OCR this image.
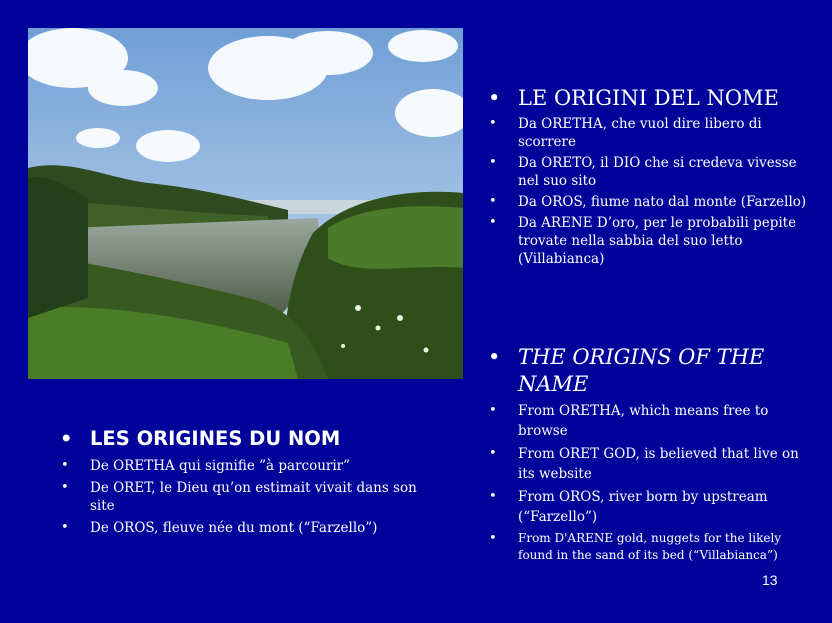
• LE ORIGINI DEL NOME
• Da ORETHA, che vuol dire libero di scorrere
• Da ORETO, il DIO che si credeva vivesse nel suo sito
• Da OROS, fiume nato dal monte (Farzello)
• Da ARENE D’oro, per le probabili pepite trovate nella sabbia del suo letto (Villabianca)
• THE ORIGINS OF THE NAME
• From ORETHA, which means free to browse
• From ORET GOD, is believed that live on its website
• From OROS, river born by upstream (“Farzello”)
• From D'ARENE gold, nuggets for the likely found in the sand of its bed (“Villabianca”)
• LES ORIGINES DU NOM
• De ORETHA qui signifie ”à parcourir”
• De ORET, le Dieu qu’on estimait vivait dans son site
• De OROS, fleuve née du mont (“Farzello”)
13
